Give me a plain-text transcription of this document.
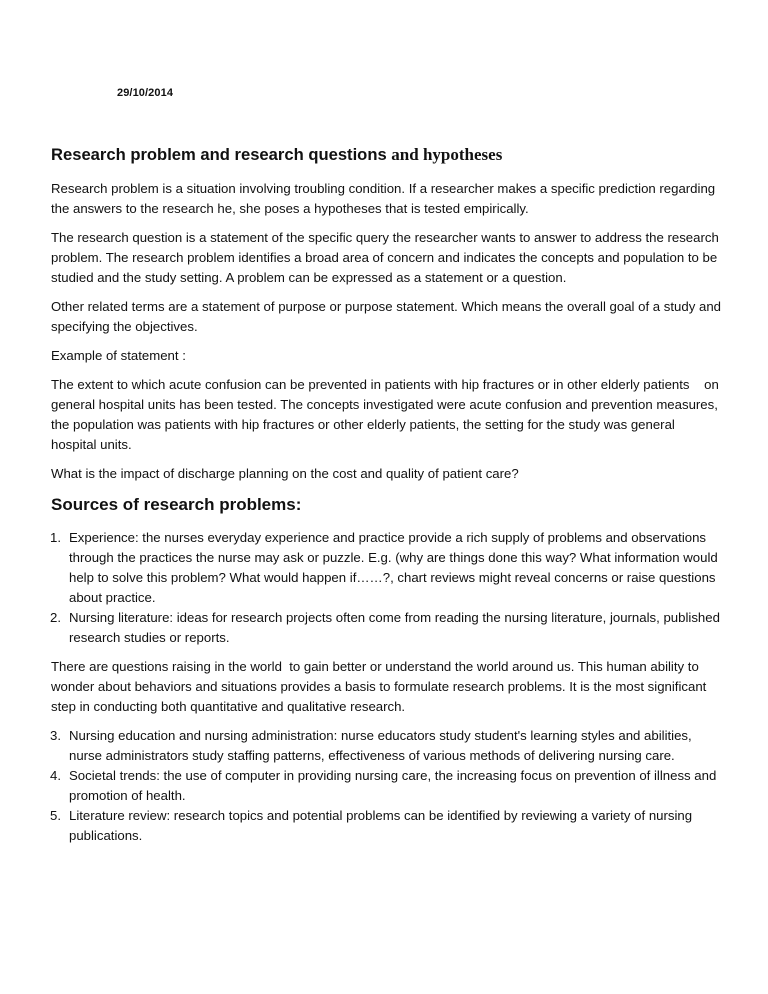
29/10/2014
Research problem and research questions and hypotheses

Research problem is a situation involving troubling condition. If a researcher makes a specific prediction regarding the answers to the research he, she poses a hypotheses that is tested empirically.

The research question is a statement of the specific query the researcher wants to answer to address the research problem. The research problem identifies a broad area of concern and indicates the concepts and population to be studied and the study setting. A problem can be expressed as a statement or a question.

Other related terms are a statement of purpose or purpose statement. Which means the overall goal of a study and specifying the objectives.

Example of statement :

The extent to which acute confusion can be prevented in patients with hip fractures or in other elderly patients    on general hospital units has been tested. The concepts investigated were acute confusion and prevention measures, the population was patients with hip fractures or other elderly patients, the setting for the study was general hospital units.

What is the impact of discharge planning on the cost and quality of patient care?

Sources of research problems:
1. Experience: the nurses everyday experience and practice provide a rich supply of problems and observations through the practices the nurse may ask or puzzle. E.g. (why are things done this way? What information would help to solve this problem? What would happen if……?, chart reviews might reveal concerns or raise questions about practice.
2. Nursing literature: ideas for research projects often come from reading the nursing literature, journals, published research studies or reports.

There are questions raising in the world  to gain better or understand the world around us. This human ability to wonder about behaviors and situations provides a basis to formulate research problems. It is the most significant step in conducting both quantitative and qualitative research.

3. Nursing education and nursing administration: nurse educators study student's learning styles and abilities, nurse administrators study staffing patterns, effectiveness of various methods of delivering nursing care.
4. Societal trends: the use of computer in providing nursing care, the increasing focus on prevention of illness and promotion of health.
5. Literature review: research topics and potential problems can be identified by reviewing a variety of nursing publications.
